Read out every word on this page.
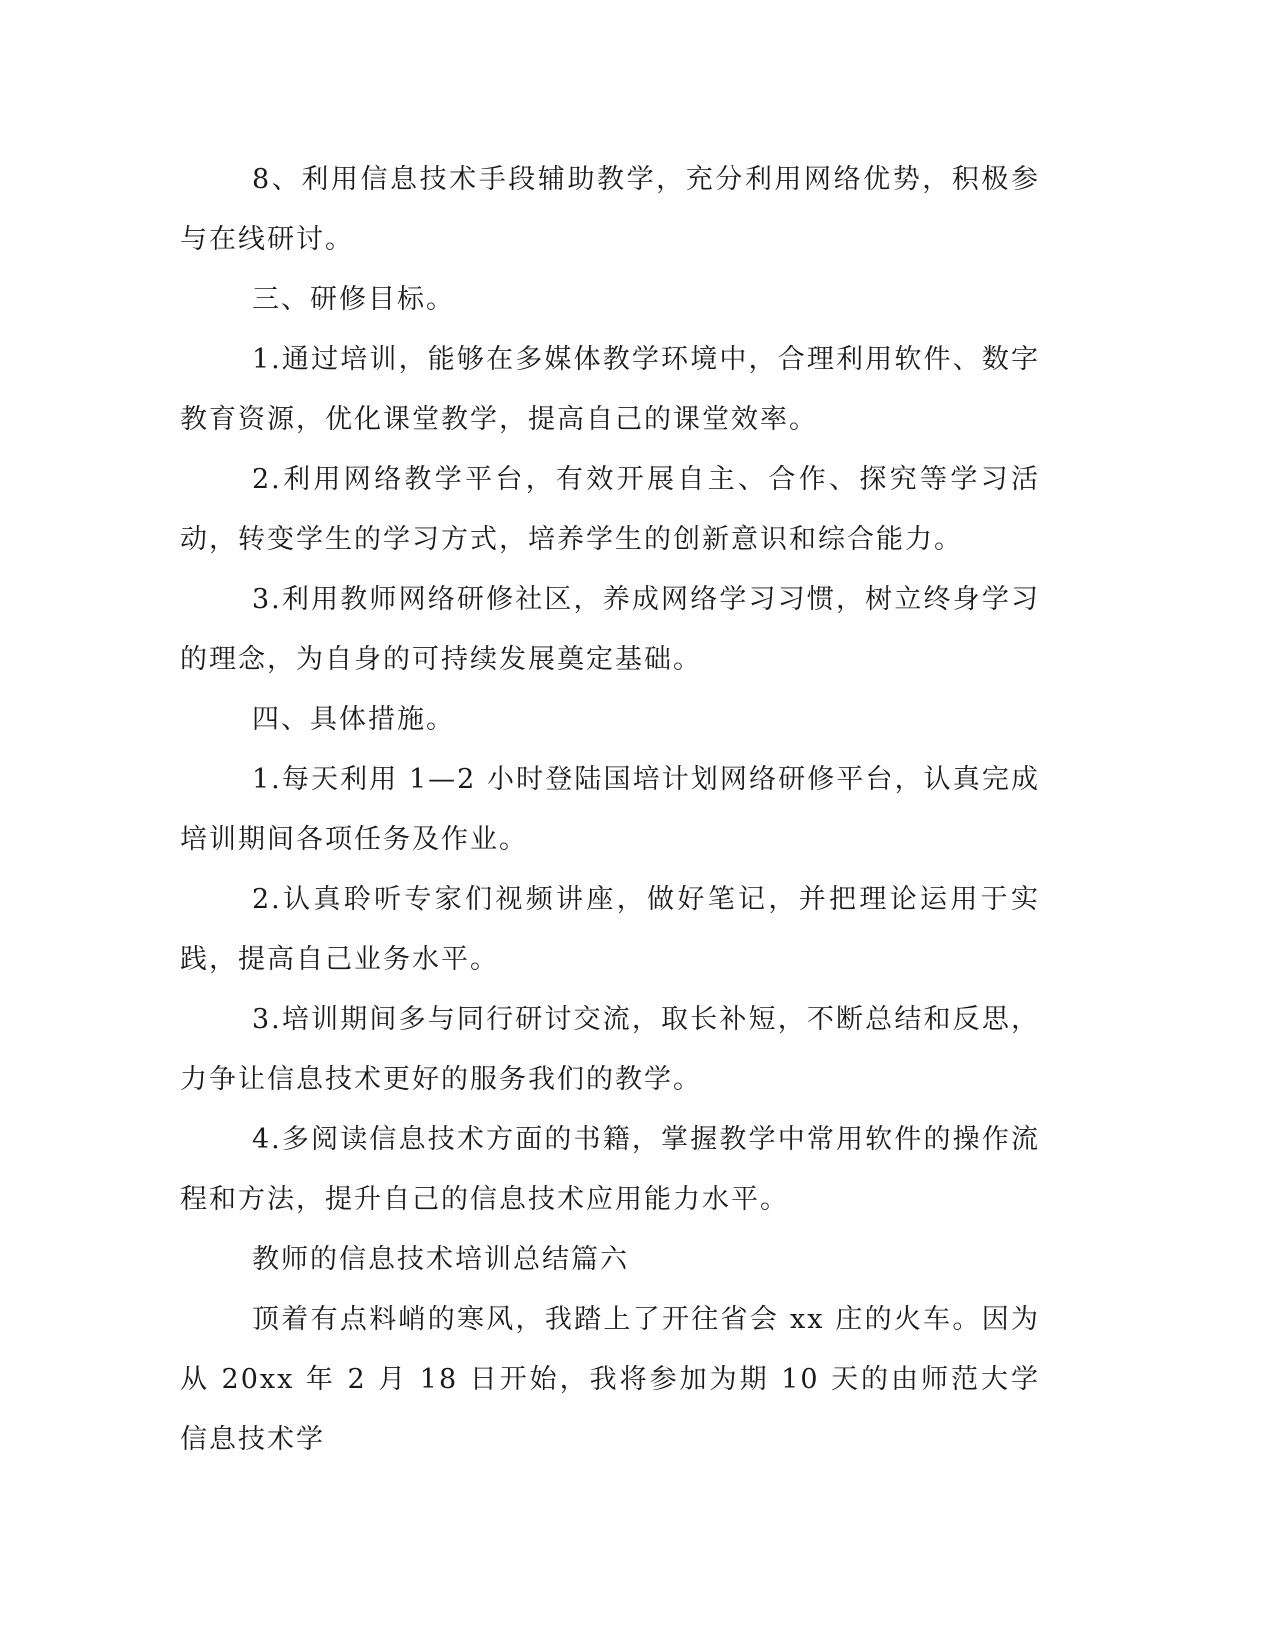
8、利用信息技术手段辅助教学，充分利用网络优势，积极参与在线研讨。

三、研修目标。

1.通过培训，能够在多媒体教学环境中，合理利用软件、数字教育资源，优化课堂教学，提高自己的课堂效率。

2.利用网络教学平台，有效开展自主、合作、探究等学习活动，转变学生的学习方式，培养学生的创新意识和综合能力。

3.利用教师网络研修社区，养成网络学习习惯，树立终身学习的理念，为自身的可持续发展奠定基础。

四、具体措施。

1.每天利用 1—2 小时登陆国培计划网络研修平台，认真完成培训期间各项任务及作业。

2.认真聆听专家们视频讲座，做好笔记，并把理论运用于实践，提高自己业务水平。

3.培训期间多与同行研讨交流，取长补短，不断总结和反思，力争让信息技术更好的服务我们的教学。

4.多阅读信息技术方面的书籍，掌握教学中常用软件的操作流程和方法，提升自己的信息技术应用能力水平。

教师的信息技术培训总结篇六

顶着有点料峭的寒风，我踏上了开往省会 xx 庄的火车。因为从 20xx 年 2 月 18 日开始，我将参加为期 10 天的由师范大学信息技术学
